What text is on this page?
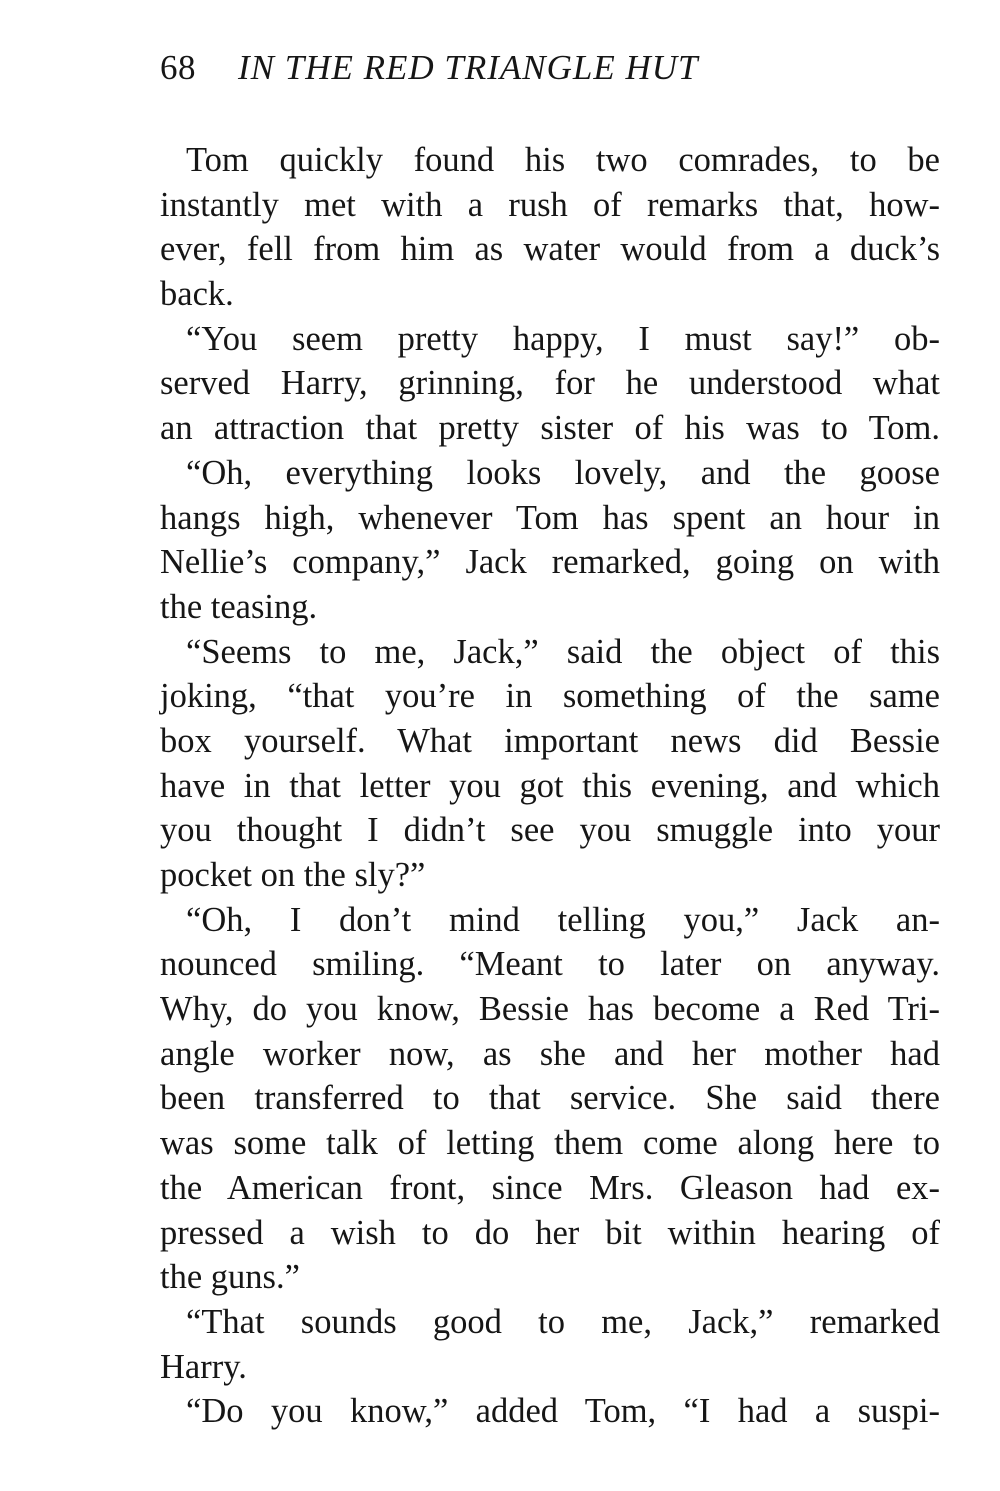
68 IN THE RED TRIANGLE HUT
Tom quickly found his two comrades, to be
instantly met with a rush of remarks that, how-
ever, fell from him as water would from a duck’s
back.
“You seem pretty happy, I must say!” ob-
served Harry, grinning, for he understood what
an attraction that pretty sister of his was to Tom.
“Oh, everything looks lovely, and the goose
hangs high, whenever Tom has spent an hour in
Nellie’s company,” Jack remarked, going on with
the teasing.
“Seems to me, Jack,” said the object of this
joking, “that you’re in something of the same
box yourself. What important news did Bessie
have in that letter you got this evening, and which
you thought I didn’t see you smuggle into your
pocket on the sly?”
“Oh, I don’t mind telling you,” Jack an-
nounced smiling. “Meant to later on anyway.
Why, do you know, Bessie has become a Red Tri-
angle worker now, as she and her mother had
been transferred to that service. She said there
was some talk of letting them come along here to
the American front, since Mrs. Gleason had ex-
pressed a wish to do her bit within hearing of
the guns.”
“That sounds good to me, Jack,” remarked
Harry.
“Do you know,” added Tom, “I had a suspi-
